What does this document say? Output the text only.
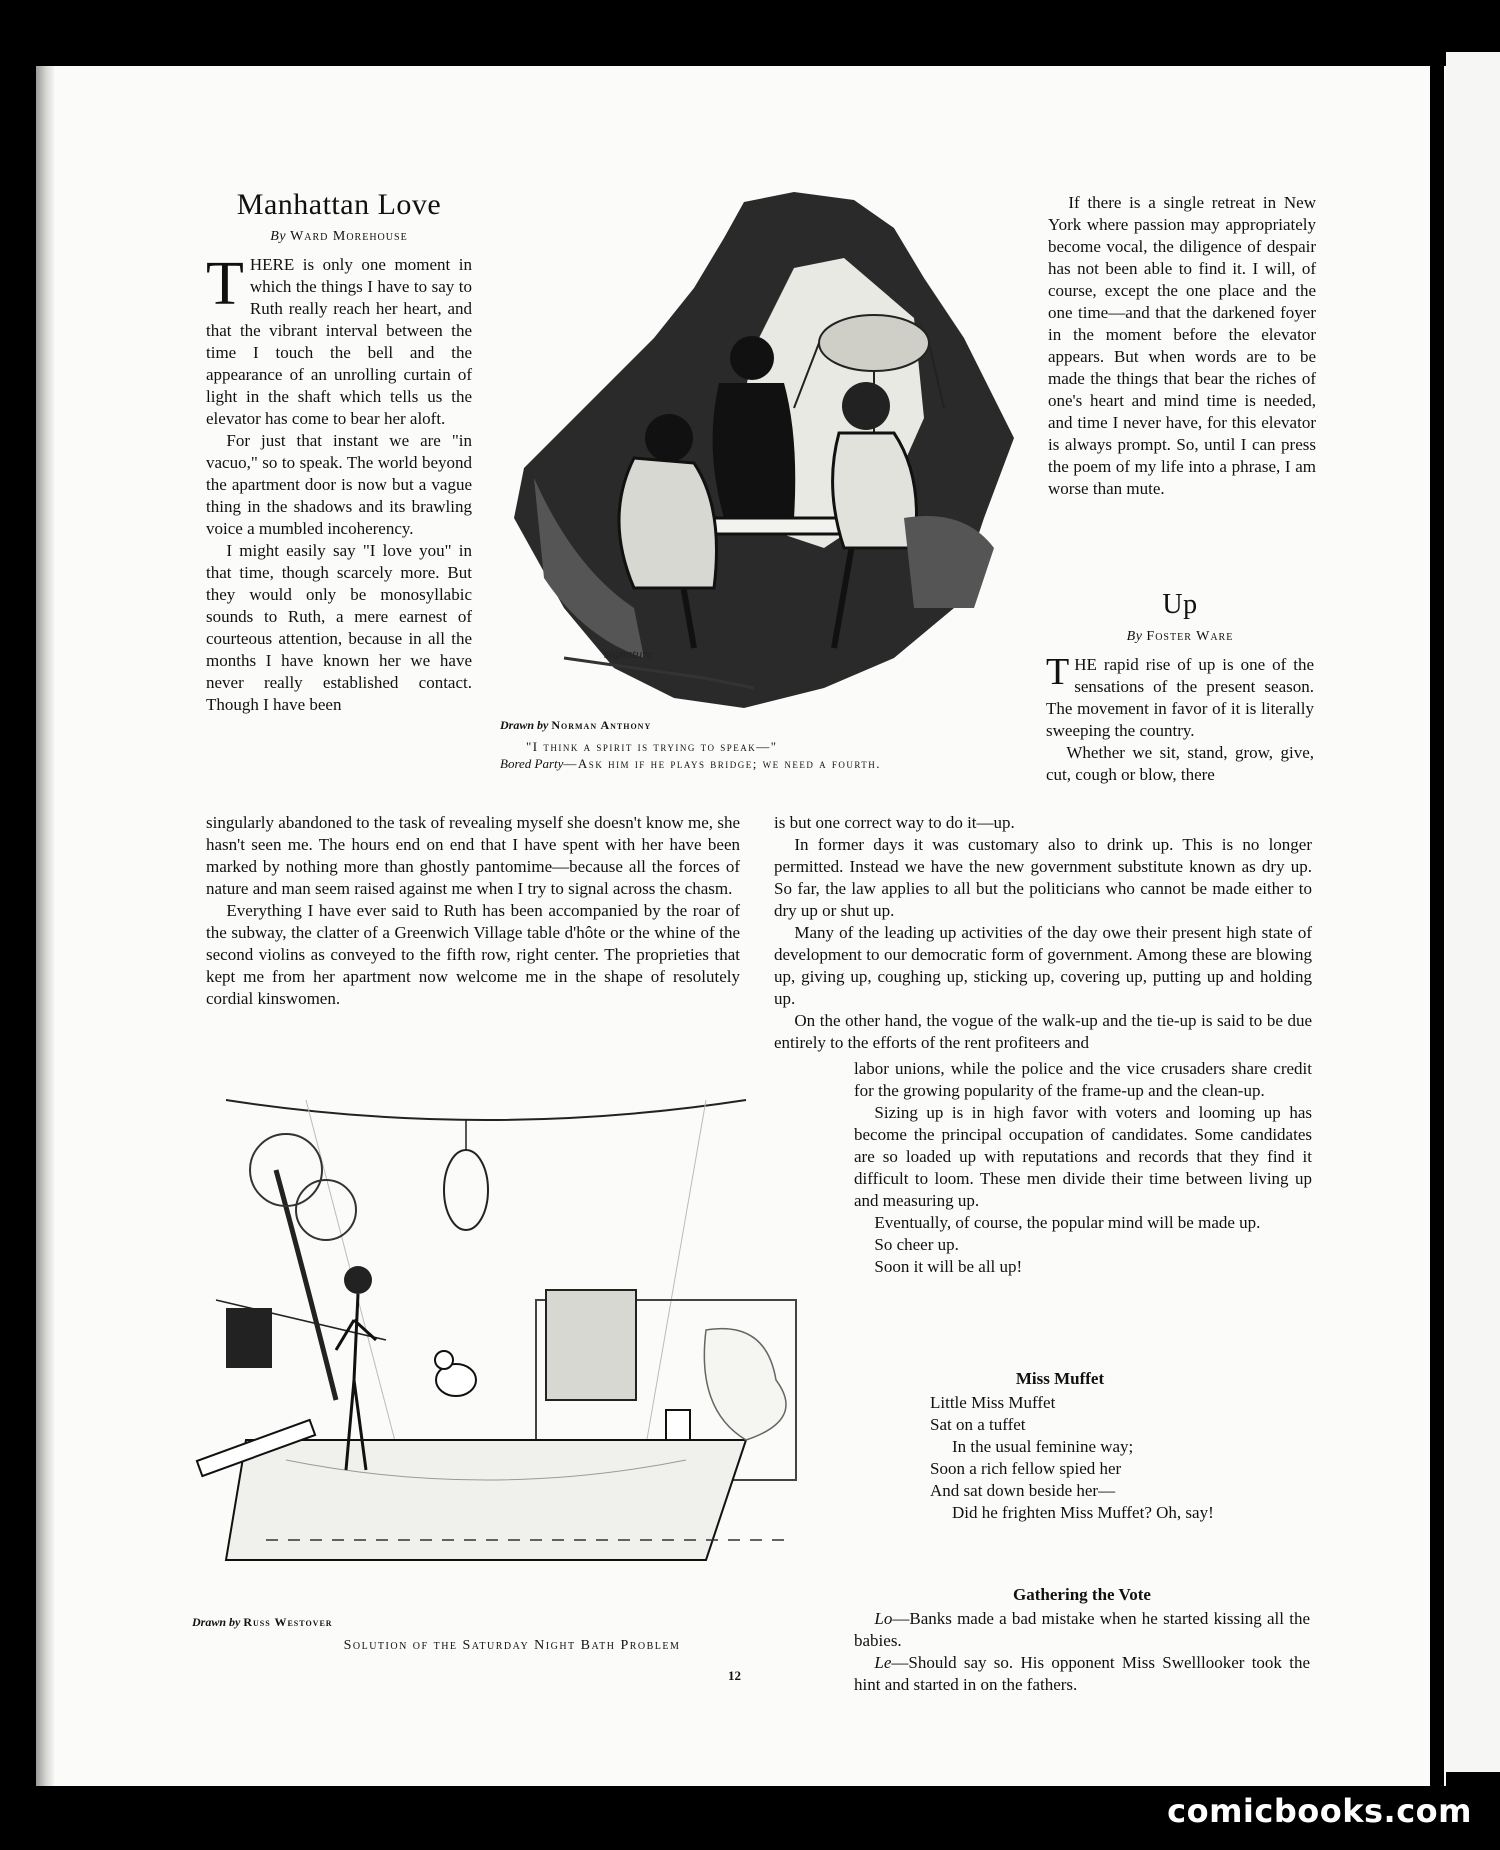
Manhattan Love
By Ward Morehouse

THERE is only one moment in which the things I have to say to Ruth really reach her heart, and that the vibrant interval between the time I touch the bell and the appearance of an unrolling curtain of light in the shaft which tells us the elevator has come to bear her aloft.

For just that instant we are "in vacuo," so to speak. The world beyond the apartment door is now but a vague thing in the shadows and its brawling voice a mumbled incoherency.

I might easily say "I love you" in that time, though scarcely more. But they would only be monosyllabic sounds to Ruth, a mere earnest of courteous attention, because in all the months I have known her we have never really established contact. Though I have been

singularly abandoned to the task of revealing myself she doesn't know me, she hasn't seen me. The hours end on end that I have spent with her have been marked by nothing more than ghostly pantomime—because all the forces of nature and man seem raised against me when I try to signal across the chasm.

Everything I have ever said to Ruth has been accompanied by the roar of the subway, the clatter of a Greenwich Village table d'hôte or the whine of the second violins as conveyed to the fifth row, right center. The proprieties that kept me from her apartment now welcome me in the shape of resolutely cordial kinswomen.

If there is a single retreat in New York where passion may appropriately become vocal, the diligence of despair has not been able to find it. I will, of course, except the one place and the one time—and that the darkened foyer in the moment before the elevator appears. But when words are to be made the things that bear the riches of one's heart and mind time is needed, and time I never have, for this elevator is always prompt. So, until I can press the poem of my life into a phrase, I am worse than mute.

signature
Drawn by Norman Anthony
"I think a spirit is trying to speak—"
Bored Party—Ask him if he plays bridge; we need a fourth.
Up
By Foster Ware

THE rapid rise of up is one of the sensations of the present season. The movement in favor of it is literally sweeping the country.

Whether we sit, stand, grow, give, cut, cough or blow, there

is but one correct way to do it—up.

In former days it was customary also to drink up. This is no longer permitted. Instead we have the new government substitute known as dry up. So far, the law applies to all but the politicians who cannot be made either to dry up or shut up.

Many of the leading up activities of the day owe their present high state of development to our democratic form of government. Among these are blowing up, giving up, coughing up, sticking up, covering up, putting up and holding up.

On the other hand, the vogue of the walk-up and the tie-up is said to be due entirely to the efforts of the rent profiteers and

labor unions, while the police and the vice crusaders share credit for the growing popularity of the frame-up and the clean-up.

Sizing up is in high favor with voters and looming up has become the principal occupation of candidates. Some candidates are so loaded up with reputations and records that they find it difficult to loom. These men divide their time between living up and measuring up.

Eventually, of course, the popular mind will be made up.

So cheer up.

Soon it will be all up!

Miss Muffet
Little Miss Muffet
Sat on a tuffet
In the usual feminine way;
Soon a rich fellow spied her
And sat down beside her—
Did he frighten Miss Muffet? Oh, say!
Gathering the Vote

Lo—Banks made a bad mistake when he started kissing all the babies.

Le—Should say so. His opponent Miss Swelllooker took the hint and started in on the fathers.

Drawn by Russ Westover
Solution of the Saturday Night Bath Problem
12
comicbooks.com
